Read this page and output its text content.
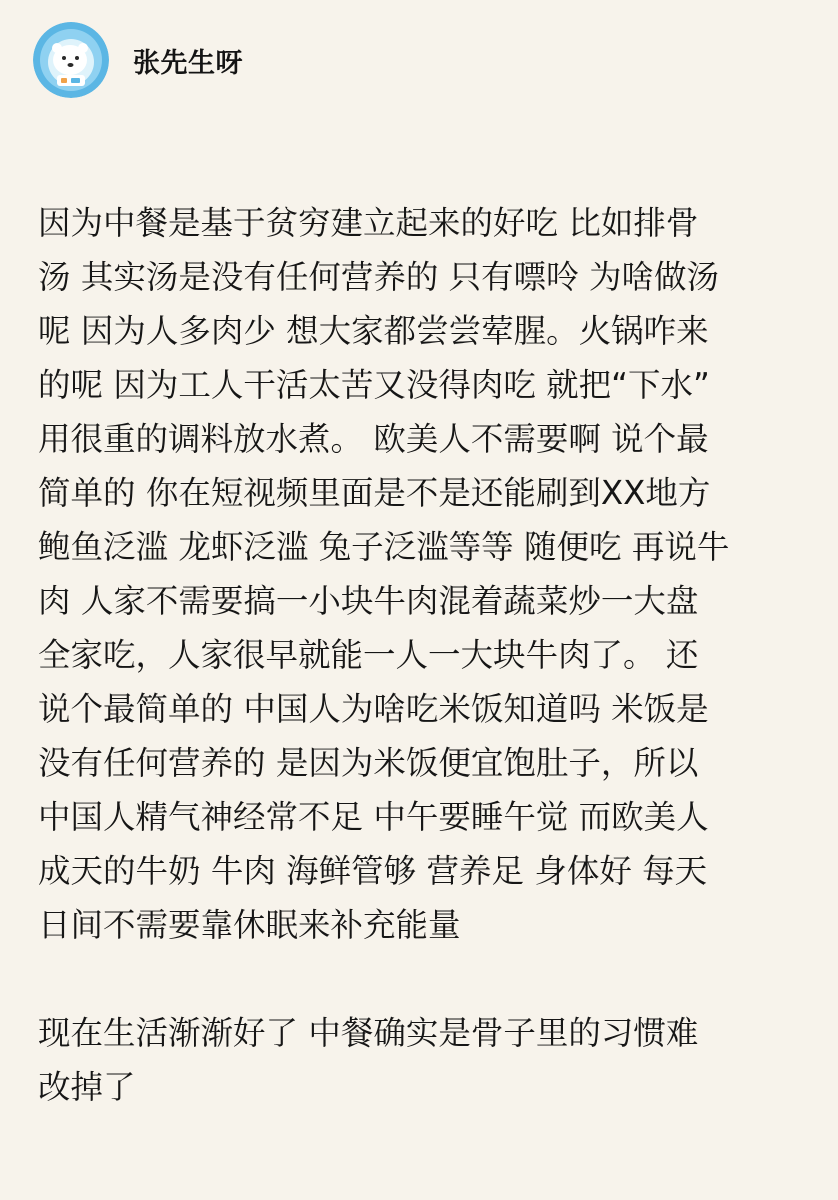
张先生呀

因为中餐是基于贫穷建立起来的好吃 比如排骨
汤 其实汤是没有任何营养的 只有嘌呤 为啥做汤
呢 因为人多肉少 想大家都尝尝荤腥。火锅咋来
的呢 因为工人干活太苦又没得肉吃 就把“下水”
用很重的调料放水煮。 欧美人不需要啊 说个最
简单的 你在短视频里面是不是还能刷到XX地方
鲍鱼泛滥 龙虾泛滥 兔子泛滥等等 随便吃 再说牛
肉 人家不需要搞一小块牛肉混着蔬菜炒一大盘
全家吃，人家很早就能一人一大块牛肉了。 还
说个最简单的 中国人为啥吃米饭知道吗 米饭是
没有任何营养的 是因为米饭便宜饱肚子，所以
中国人精气神经常不足 中午要睡午觉 而欧美人
成天的牛奶 牛肉 海鲜管够 营养足 身体好 每天
日间不需要靠休眠来补充能量

现在生活渐渐好了 中餐确实是骨子里的习惯难
改掉了
